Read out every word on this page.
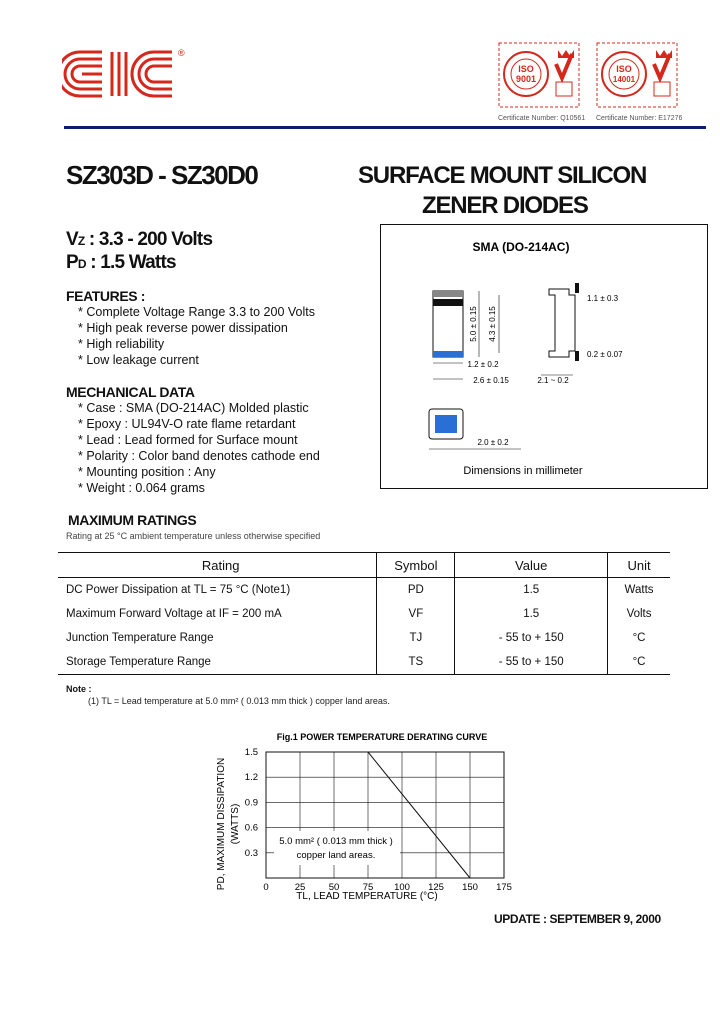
®
ISO
9001
Certificate Number: Q10561
ISO
14001
Certificate Number: E17276
SZ303D - SZ30D0	SURFACE MOUNT SILICON
ZENER DIODES
VZ : 3.3 - 200 Volts
PD : 1.5 Watts
FEATURES :
* Complete Voltage Range 3.3 to 200 Volts
* High peak reverse power dissipation
* High reliability
* Low leakage current
MECHANICAL DATA
* Case : SMA (DO-214AC) Molded plastic
* Epoxy : UL94V-O rate flame retardant
* Lead : Lead formed for Surface mount
* Polarity : Color band denotes cathode end
* Mounting position : Any
* Weight : 0.064 grams
SMA (DO-214AC)
5.0 ± 0.15 4.3 ± 0.15
1.2 ± 0.2
2.6 ± 0.15
1.1 ± 0.3
0.2 ± 0.07
2.1 ~ 0.2
2.0 ± 0.2
Dimensions in millimeter
MAXIMUM RATINGS
Rating at 25 °C ambient temperature unless otherwise specified
Rating	Symbol	Value	Unit
DC Power Dissipation at TL = 75 °C (Note1)	PD	1.5	Watts
Maximum Forward Voltage at IF = 200 mA	VF	1.5	Volts
Junction Temperature Range	TJ	- 55 to + 150	°C
Storage Temperature Range	TS	- 55 to + 150	°C
Note :
(1) TL = Lead temperature at 5.0 mm² ( 0.013 mm thick ) copper land areas.
Fig.1 POWER TEMPERATURE DERATING CURVE
PD, MAXIMUM DISSIPATION (WATTS)
TL, LEAD TEMPERATURE (°C)
0	25 50 75 100 125 150 175
0.3
0.6
0.9
1.2
1.5
5.0 mm² ( 0.013 mm thick )
copper land areas.
UPDATE : SEPTEMBER 9, 2000
